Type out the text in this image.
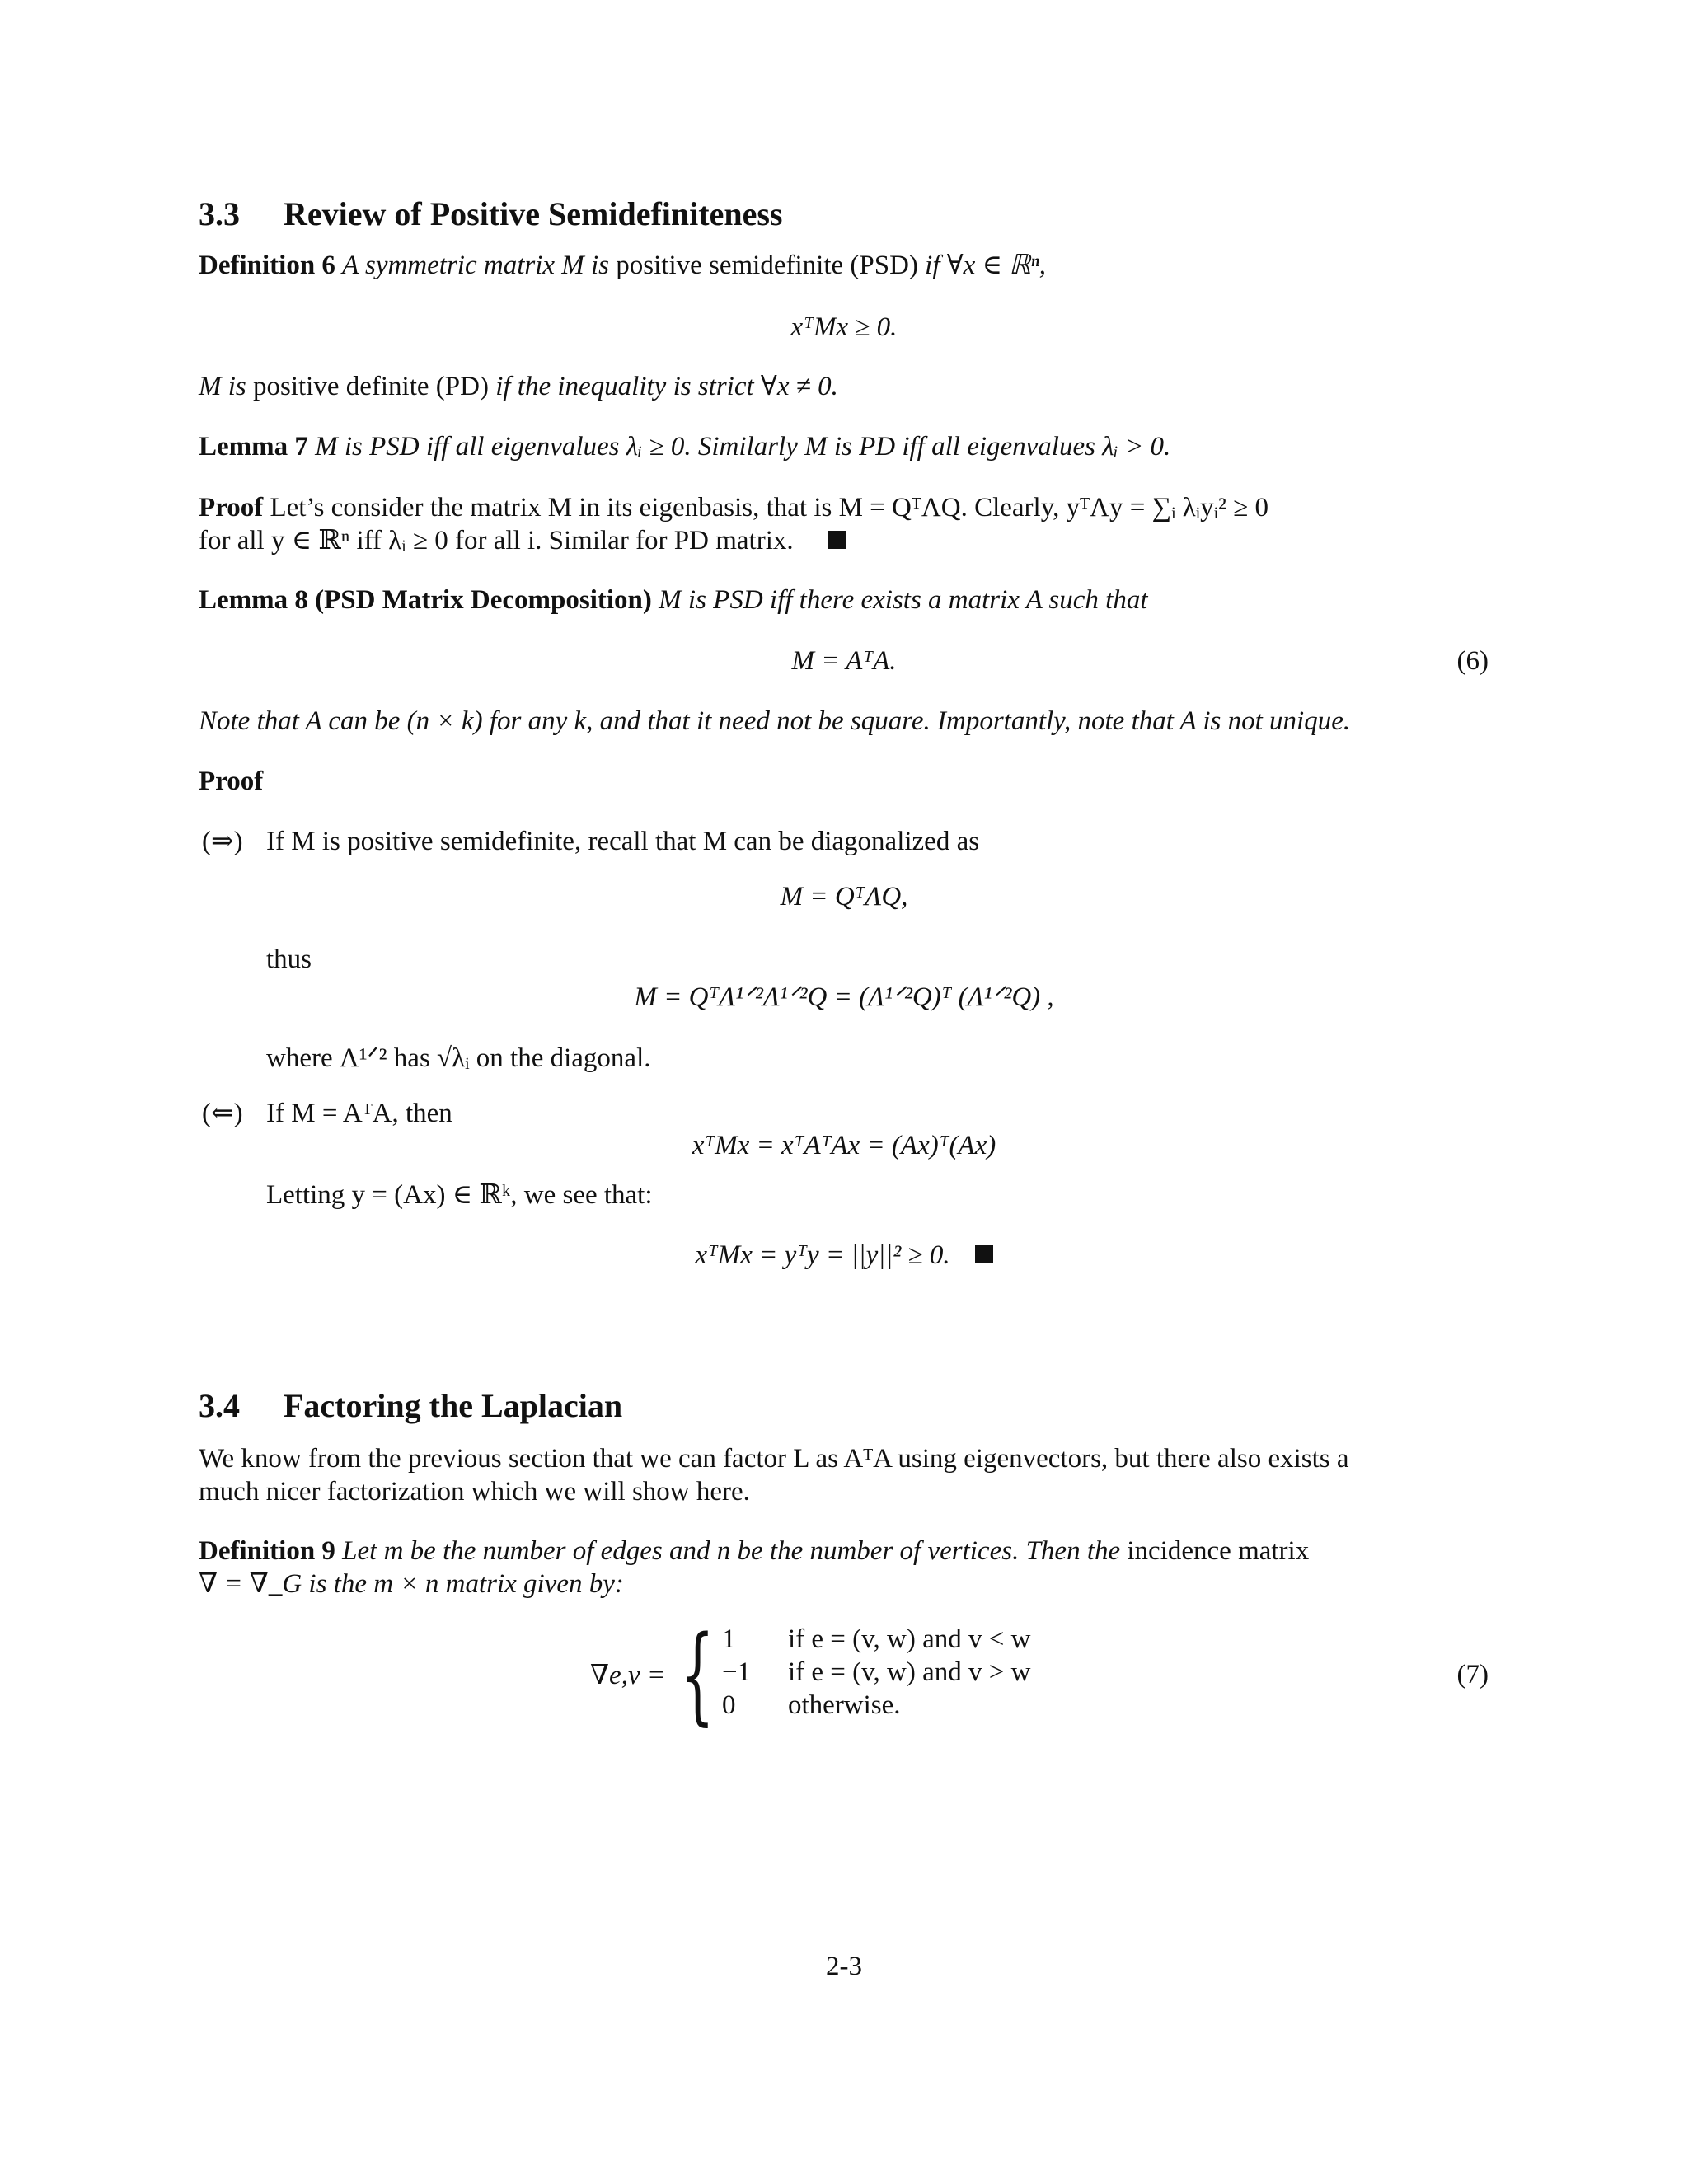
3.3 Review of Positive Semidefiniteness
Definition 6 A symmetric matrix M is positive semidefinite (PSD) if ∀x ∈ ℝⁿ,
xᵀMx ≥ 0.
M is positive definite (PD) if the inequality is strict ∀x ≠ 0.
Lemma 7 M is PSD iff all eigenvalues λᵢ ≥ 0. Similarly M is PD iff all eigenvalues λᵢ > 0.
Proof Let’s consider the matrix M in its eigenbasis, that is M = QᵀΛQ. Clearly, yᵀΛy = ∑ᵢ λᵢyᵢ² ≥ 0
for all y ∈ ℝⁿ iff λᵢ ≥ 0 for all i. Similar for PD matrix.
Lemma 8 (PSD Matrix Decomposition) M is PSD iff there exists a matrix A such that
M = AᵀA.	(6)
Note that A can be (n × k) for any k, and that it need not be square. Importantly, note that A is not unique.
Proof
(⇒) If M is positive semidefinite, recall that M can be diagonalized as
M = QᵀΛQ,
thus
M = QᵀΛ¹ᐟ²Λ¹ᐟ²Q = (Λ¹ᐟ²Q)ᵀ (Λ¹ᐟ²Q) ,
where Λ¹ᐟ² has √λᵢ on the diagonal.
(⇐) If M = AᵀA, then
xᵀMx = xᵀAᵀAx = (Ax)ᵀ(Ax)
Letting y = (Ax) ∈ ℝᵏ, we see that:
xᵀMx = yᵀy = ||y||² ≥ 0.
3.4 Factoring the Laplacian
We know from the previous section that we can factor L as AᵀA using eigenvectors, but there also exists a
much nicer factorization which we will show here.
Definition 9 Let m be the number of edges and n be the number of vertices. Then the incidence matrix
∇ = ∇_G is the m × n matrix given by:
∇e,v = { 1 if e = (v, w) and v < w
−1 if e = (v, w) and v > w
0 otherwise.
(7)
2-3
